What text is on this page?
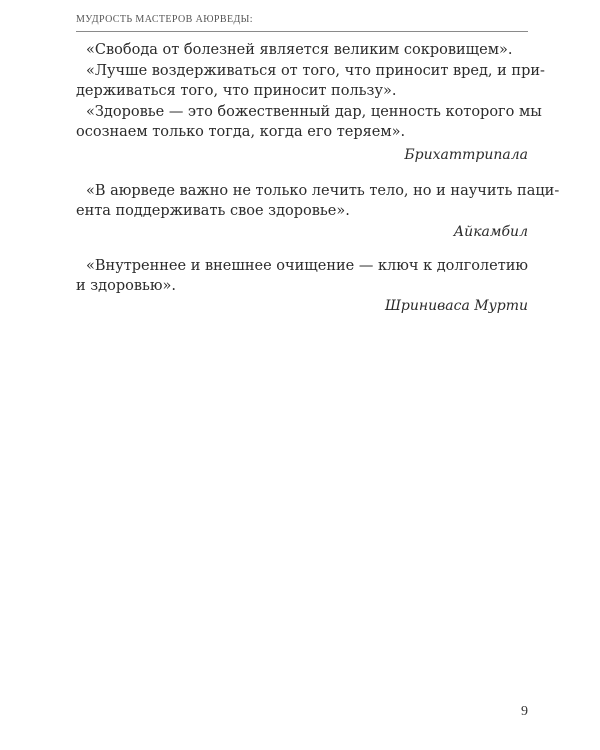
МУДРОСТЬ МАСТЕРОВ АЮРВЕДЫ:
«Свобода от болезней является великим сокровищем».
«Лучше воздерживаться от того, что приносит вред, и при-
держиваться того, что приносит пользу».
«Здоровье — это божественный дар, ценность которого мы
осознаем только тогда, когда его теряем».
Брихаттрипала
«В аюрведе важно не только лечить тело, но и научить паци-
ента поддерживать свое здоровье».
Айкамбил
«Внутреннее и внешнее очищение — ключ к долголетию
и здоровью».
Шриниваса Мурти
9
